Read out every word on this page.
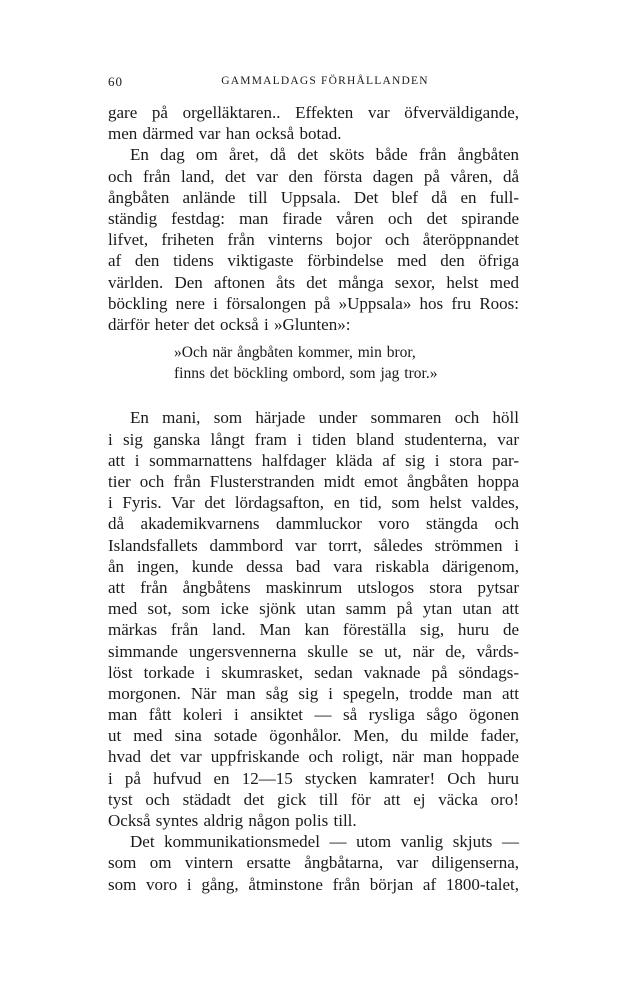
60	GAMMALDAGS FÖRHÅLLANDEN
gare på orgelläktaren.. Effekten var öfverväldigande,
men därmed var han också botad.
En dag om året, då det sköts både från ångbåten
och från land, det var den första dagen på våren, då
ångbåten anlände till Uppsala. Det blef då en full-
ständig festdag: man firade våren och det spirande
lifvet, friheten från vinterns bojor och återöppnandet
af den tidens viktigaste förbindelse med den öfriga
världen. Den aftonen åts det många sexor, helst med
böckling nere i försalongen på »Uppsala» hos fru Roos:
därför heter det också i »Glunten»:
»Och när ångbåten kommer, min bror,
finns det böckling ombord, som jag tror.»
En mani, som härjade under sommaren och höll
i sig ganska långt fram i tiden bland studenterna, var
att i sommarnattens halfdager kläda af sig i stora par-
tier och från Flusterstranden midt emot ångbåten hoppa
i Fyris. Var det lördagsafton, en tid, som helst valdes,
då akademikvarnens dammluckor voro stängda och
Islandsfallets dammbord var torrt, således strömmen i
ån ingen, kunde dessa bad vara riskabla därigenom,
att från ångbåtens maskinrum utslogos stora pytsar
med sot, som icke sjönk utan samm på ytan utan att
märkas från land. Man kan föreställa sig, huru de
simmande ungersvennerna skulle se ut, när de, vårds-
löst torkade i skumrasket, sedan vaknade på söndags-
morgonen. När man såg sig i spegeln, trodde man att
man fått koleri i ansiktet — så rysliga sågo ögonen
ut med sina sotade ögonhålor. Men, du milde fader,
hvad det var uppfriskande och roligt, när man hoppade
i på hufvud en 12—15 stycken kamrater! Och huru
tyst och städadt det gick till för att ej väcka oro!
Också syntes aldrig någon polis till.
Det kommunikationsmedel — utom vanlig skjuts —
som om vintern ersatte ångbåtarna, var diligenserna,
som voro i gång, åtminstone från början af 1800-talet,
